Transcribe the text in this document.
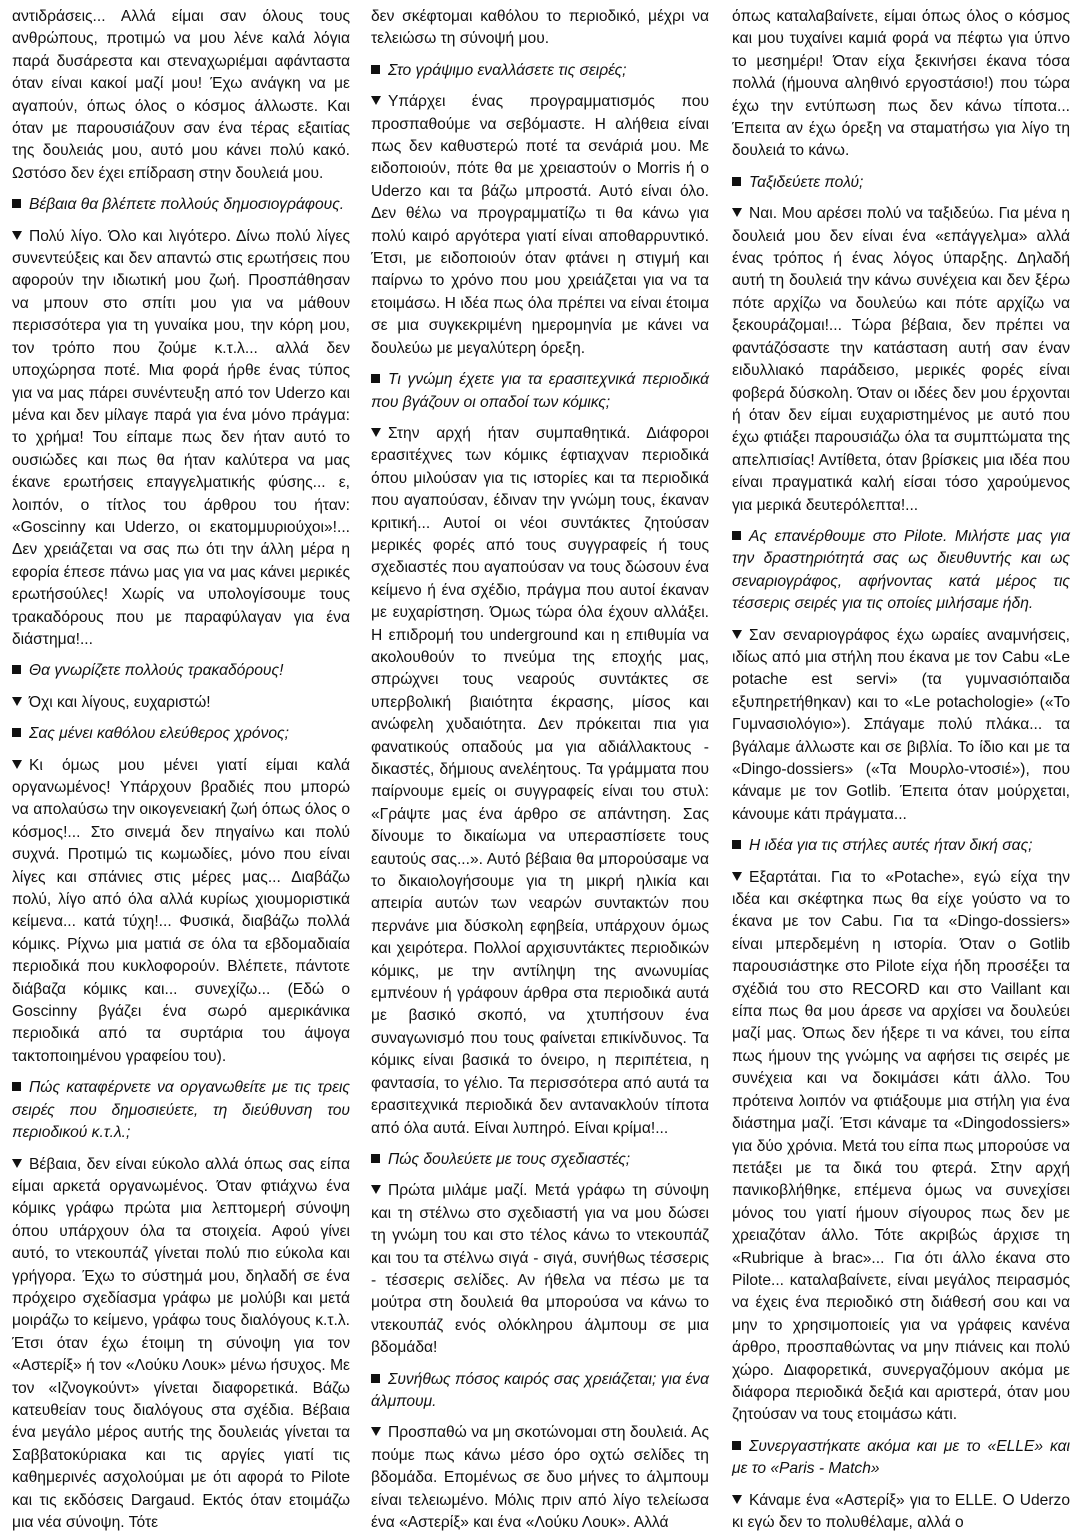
αντιδράσεις... Αλλά είμαι σαν όλους τους ανθρώπους, προτιμώ να μου λένε καλά λόγια παρά δυσάρεστα και στεναχωριέμαι αφάνταστα όταν είναι κακοί μαζί μου! Έχω ανάγκη να με αγαπούν, όπως όλος ο κόσμος άλλωστε. Και όταν με παρουσιάζουν σαν ένα τέρας εξαιτίας της δουλειάς μου, αυτό μου κάνει πολύ κακό. Ωστόσο δεν έχει επίδραση στην δουλειά μου.

Βέβαια θα βλέπετε πολλούς δημοσιογράφους.

Πολύ λίγο. Όλο και λιγότερο. Δίνω πολύ λίγες συνεντεύξεις και δεν απαντώ στις ερωτήσεις που αφορούν την ιδιωτική μου ζωή. Προσπάθησαν να μπουν στο σπίτι μου για να μάθουν περισσότερα για τη γυναίκα μου, την κόρη μου, τον τρόπο που ζούμε κ.τ.λ... αλλά δεν υποχώρησα ποτέ. Μια φορά ήρθε ένας τύπος για να μας πάρει συνέντευξη από τον Uderzo και μένα και δεν μίλαγε παρά για ένα μόνο πράγμα: το χρήμα! Του είπαμε πως δεν ήταν αυτό το ουσιώδες και πως θα ήταν καλύτερα να μας έκανε ερωτήσεις επαγγελματικής φύσης... ε, λοιπόν, ο τίτλος του άρθρου του ήταν: «Goscinny και Uderzo, οι εκατομμυριούχοι»!... Δεν χρειάζεται να σας πω ότι την άλλη μέρα η εφορία έπεσε πάνω μας για να μας κάνει μερικές ερωτήσούλες! Χωρίς να υπολογίσουμε τους τρακαδόρους που με παραφύλαγαν για ένα διάστημα!...

Θα γνωρίζετε πολλούς τρακαδόρους!

Όχι και λίγους, ευχαριστώ!

Σας μένει καθόλου ελεύθερος χρόνος;

Κι όμως μου μένει γιατί είμαι καλά οργανωμένος! Υπάρχουν βραδιές που μπορώ να απολαύσω την οικογενειακή ζωή όπως όλος ο κόσμος!... Στο σινεμά δεν πηγαίνω και πολύ συχνά. Προτιμώ τις κωμωδίες, μόνο που είναι λίγες και σπάνιες στις μέρες μας... Διαβάζω πολύ, λίγο από όλα αλλά κυρίως χιουμοριστικά κείμενα... κατά τύχη!... Φυσικά, διαβάζω πολλά κόμικς. Ρίχνω μια ματιά σε όλα τα εβδομαδιαία περιοδικά που κυκλοφορούν. Βλέπετε, πάντοτε διάβαζα κόμικς και... συνεχίζω... (Εδώ ο Goscinny βγάζει ένα σωρό αμερικάνικα περιοδικά από τα συρτάρια του άψογα τακτοποιημένου γραφείου του).

Πώς καταφέρνετε να οργανωθείτε με τις τρεις σειρές που δημοσιεύετε, τη διεύθυνση του περιοδικού κ.τ.λ.;

Βέβαια, δεν είναι εύκολο αλλά όπως σας είπα είμαι αρκετά οργανωμένος. Όταν φτιάχνω ένα κόμικς γράφω πρώτα μια λεπτομερή σύνοψη όπου υπάρχουν όλα τα στοιχεία. Αφού γίνει αυτό, το ντεκουπάζ γίνεται πολύ πιο εύκολα και γρήγορα. Έχω το σύστημά μου, δηλαδή σε ένα πρόχειρο σχεδίασμα γράφω με μολύβι και μετά μοιράζω το κείμενο, γράφω τους διαλόγους κ.τ.λ. Έτσι όταν έχω έτοιμη τη σύνοψη για τον «Αστερίξ» ή τον «Λούκυ Λουκ» μένω ήσυχος. Με τον «Ιζνογκούντ» γίνεται διαφορετικά. Βάζω κατευθείαν τους διαλόγους στα σχέδια. Βέβαια ένα μεγάλο μέρος αυτής της δουλειάς γίνεται τα Σαββατοκύριακα και τις αργίες γιατί τις καθημερινές ασχολούμαι με ότι αφορά το Pilote και τις εκδόσεις Dargaud. Εκτός όταν ετοιμάζω μια νέα σύνοψη. Τότε

δεν σκέφτομαι καθόλου το περιοδικό, μέχρι να τελειώσω τη σύνοψή μου.

Στο γράψιμο εναλλάσετε τις σειρές;

Υπάρχει ένας προγραμματισμός που προσπαθούμε να σεβόμαστε. Η αλήθεια είναι πως δεν καθυστερώ ποτέ τα σενάριά μου. Με ειδοποιούν, πότε θα με χρειαστούν ο Morris ή ο Uderzo και τα βάζω μπροστά. Αυτό είναι όλο. Δεν θέλω να προγραμματίζω τι θα κάνω για πολύ καιρό αργότερα γιατί είναι αποθαρρυντικό. Έτσι, με ειδοποιούν όταν φτάνει η στιγμή και παίρνω το χρόνο που μου χρειάζεται για να τα ετοιμάσω. Η ιδέα πως όλα πρέπει να είναι έτοιμα σε μια συγκεκριμένη ημερομηνία με κάνει να δουλεύω με μεγαλύτερη όρεξη.

Τι γνώμη έχετε για τα ερασιτεχνικά περιοδικά που βγάζουν οι οπαδοί των κόμικς;

Στην αρχή ήταν συμπαθητικά. Διάφοροι ερασιτέχνες των κόμικς έφτιαχναν περιοδικά όπου μιλούσαν για τις ιστορίες και τα περιοδικά που αγαπούσαν, έδιναν την γνώμη τους, έκαναν κριτική... Αυτοί οι νέοι συντάκτες ζητούσαν μερικές φορές από τους συγγραφείς ή τους σχεδιαστές που αγαπούσαν να τους δώσουν ένα κείμενο ή ένα σχέδιο, πράγμα που αυτοί έκαναν με ευχαρίστηση. Όμως τώρα όλα έχουν αλλάξει. Η επιδρομή του underground και η επιθυμία να ακολουθούν το πνεύμα της εποχής μας, σπρώχνει τους νεαρούς συντάκτες σε υπερβολική βιαιότητα έκρασης, μίσος και ανώφελη χυδαιότητα. Δεν πρόκειται πια για φανατικούς οπαδούς μα για αδιάλλακτους - δικαστές, δήμιους ανελέητους. Τα γράμματα που παίρνουμε εμείς οι συγγραφείς είναι του στυλ: «Γράψτε μας ένα άρθρο σε απάντηση. Σας δίνουμε το δικαίωμα να υπερασπίσετε τους εαυτούς σας...». Αυτό βέβαια θα μπορούσαμε να το δικαιολογήσουμε για τη μικρή ηλικία και απειρία αυτών των νεαρών συντακτών που περνάνε μια δύσκολη εφηβεία, υπάρχουν όμως και χειρότερα. Πολλοί αρχισυντάκτες περιοδικών κόμικς, με την αντίληψη της ανωνυμίας εμπνέουν ή γράφουν άρθρα στα περιοδικά αυτά με βασικό σκοπό, να χτυπήσουν ένα συναγωνισμό που τους φαίνεται επικίνδυνος. Τα κόμικς είναι βασικά το όνειρο, η περιπέτεια, η φαντασία, το γέλιο. Τα περισσότερα από αυτά τα ερασιτεχνικά περιοδικά δεν αντανακλούν τίποτα από όλα αυτά. Είναι λυπηρό. Είναι κρίμα!...

Πώς δουλεύετε με τους σχεδιαστές;

Πρώτα μιλάμε μαζί. Μετά γράφω τη σύνοψη και τη στέλνω στο σχεδιαστή για να μου δώσει τη γνώμη του και στο τέλος κάνω το ντεκουπάζ και του τα στέλνω σιγά - σιγά, συνήθως τέσσερις - τέσσερις σελίδες. Αν ήθελα να πέσω με τα μούτρα στη δουλειά θα μπορούσα να κάνω το ντεκουπάζ ενός ολόκληρου άλμπουμ σε μια βδομάδα!

Συνήθως πόσος καιρός σας χρειάζεται; για ένα άλμπουμ.

Προσπαθώ να μη σκοτώνομαι στη δουλειά. Ας πούμε πως κάνω μέσο όρο οχτώ σελίδες τη βδομάδα. Επομένως σε δυο μήνες το άλμπουμ είναι τελειωμένο. Μόλις πριν από λίγο τελείωσα ένα «Αστερίξ» και ένα «Λούκυ Λουκ». Αλλά

όπως καταλαβαίνετε, είμαι όπως όλος ο κόσμος και μου τυχαίνει καμιά φορά να πέφτω για ύπνο το μεσημέρι! Όταν είχα ξεκινήσει έκανα τόσα πολλά (ήμουνα αληθινό εργοστάσιο!) που τώρα έχω την εντύπωση πως δεν κάνω τίποτα... Έπειτα αν έχω όρεξη να σταματήσω για λίγο τη δουλειά το κάνω.

Ταξιδεύετε πολύ;

Ναι. Μου αρέσει πολύ να ταξιδεύω. Για μένα η δουλειά μου δεν είναι ένα «επάγγελμα» αλλά ένας τρόπος ή ένας λόγος ύπαρξης. Δηλαδή αυτή τη δουλειά την κάνω συνέχεια και δεν ξέρω πότε αρχίζω να δουλεύω και πότε αρχίζω να ξεκουράζομαι!... Τώρα βέβαια, δεν πρέπει να φαντάζόσαστε την κατάσταση αυτή σαν έναν ειδυλλιακό παράδεισο, μερικές φορές είναι φοβερά δύσκολη. Όταν οι ιδέες δεν μου έρχονται ή όταν δεν είμαι ευχαριστημένος με αυτό που έχω φτιάξει παρουσιάζω όλα τα συμπτώματα της απελπισίας! Αντίθετα, όταν βρίσκεις μια ιδέα που είναι πραγματικά καλή είσαι τόσο χαρούμενος για μερικά δευτερόλεπτα!...

Ας επανέρθουμε στο Pilote. Μιλήστε μας για την δραστηριότητά σας ως διευθυντής και ως σεναριογράφος, αφήνοντας κατά μέρος τις τέσσερις σειρές για τις οποίες μιλήσαμε ήδη.

Σαν σεναριογράφος έχω ωραίες αναμνήσεις, ιδίως από μια στήλη που έκανα με τον Cabu «Le potache est servi» (τα γυμνασιόπαιδα εξυπηρετήθηκαν) και το «Le potachologie» («Το Γυμνασιολόγιο»). Σπάγαμε πολύ πλάκα... τα βγάλαμε άλλωστε και σε βιβλία. Το ίδιο και με τα «Dingo-dossiers» («Τα Μουρλο-ντοσιέ»), που κάναμε με τον Gotlib. Έπειτα όταν μούρχεται, κάνουμε κάτι πράγματα...

Η ιδέα για τις στήλες αυτές ήταν δική σας;

Εξαρτάται. Για το «Potache», εγώ είχα την ιδέα και σκέφτηκα πως θα είχε γούστο να το έκανα με τον Cabu. Για τα «Dingo-dossiers» είναι μπερδεμένη η ιστορία. Όταν ο Gotlib παρουσιάστηκε στο Pilote είχα ήδη προσέξει τα σχέδιά του στο RECORD και στο Vaillant και είπα πως θα μου άρεσε να αρχίσει να δουλεύει μαζί μας. Όπως δεν ήξερε τι να κάνει, του είπα πως ήμουν της γνώμης να αφήσει τις σειρές με συνέχεια και να δοκιμάσει κάτι άλλο. Του πρότεινα λοιπόν να φτιάξουμε μια στήλη για ένα διάστημα μαζί. Έτσι κάναμε τα «Dingodossiers» για δύο χρόνια. Μετά του είπα πως μπορούσε να πετάξει με τα δικά του φτερά. Στην αρχή πανικοβλήθηκε, επέμενα όμως να συνεχίσει μόνος του γιατί ήμουν σίγουρος πως δεν με χρειαζόταν άλλο. Τότε ακριβώς άρχισε τη «Rubrique à brac»... Για ότι άλλο έκανα στο Pilote... καταλαβαίνετε, είναι μεγάλος πειρασμός να έχεις ένα περιοδικό στη διάθεσή σου και να μην το χρησιμοποιείς για να γράφεις κανένα άρθρο, προσπαθώντας να μην πιάνεις και πολύ χώρο. Διαφορετικά, συνεργαζόμουν ακόμα με διάφορα περιοδικά δεξιά και αριστερά, όταν μου ζητούσαν να τους ετοιμάσω κάτι.

Συνεργαστήκατε ακόμα και με το «ELLE» και με το «Paris - Match»

Κάναμε ένα «Αστερίξ» για το ELLE. Ο Uderzo κι εγώ δεν το πολυθέλαμε, αλλά ο
